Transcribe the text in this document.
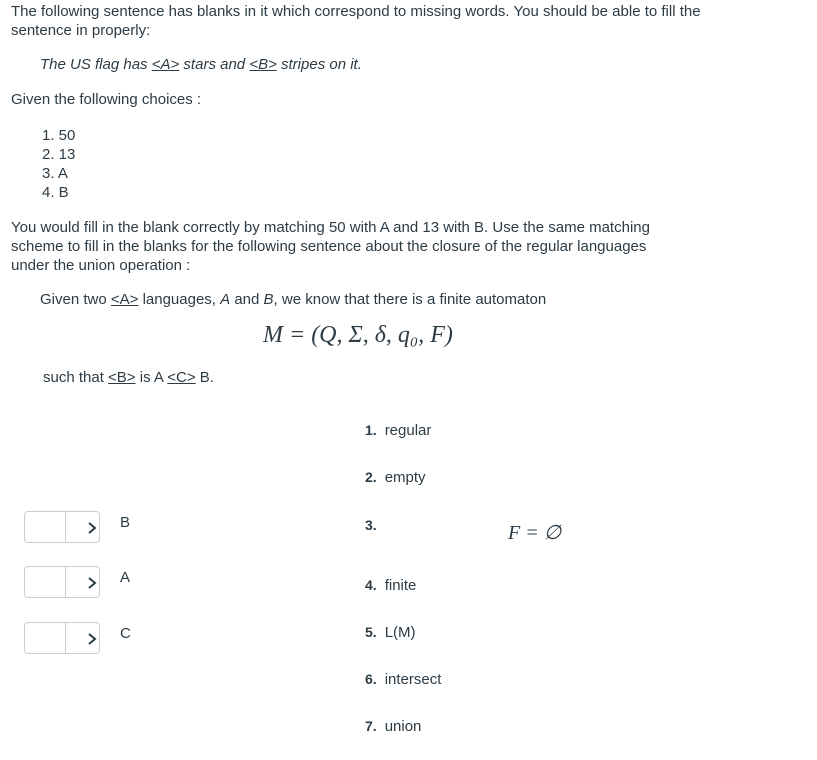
The following sentence has blanks in it which correspond to missing words. You should be able to fill the sentence in properly:
The US flag has <A> stars and <B> stripes on it.
Given the following choices :
1. 50
2. 13
3. A
4. B
You would fill in the blank correctly by matching 50 with A and 13 with B. Use the same matching scheme to fill in the blanks for the following sentence about the closure of the regular languages under the union operation :
Given two <A> languages, A and B, we know that there is a finite automaton
M = (Q, Σ, δ, q₀, F)
such that <B> is A <C> B.
1. regular
2. empty
3.	F = ∅
4. finite
5. L(M)
6. intersect
7. union
B
A
C
